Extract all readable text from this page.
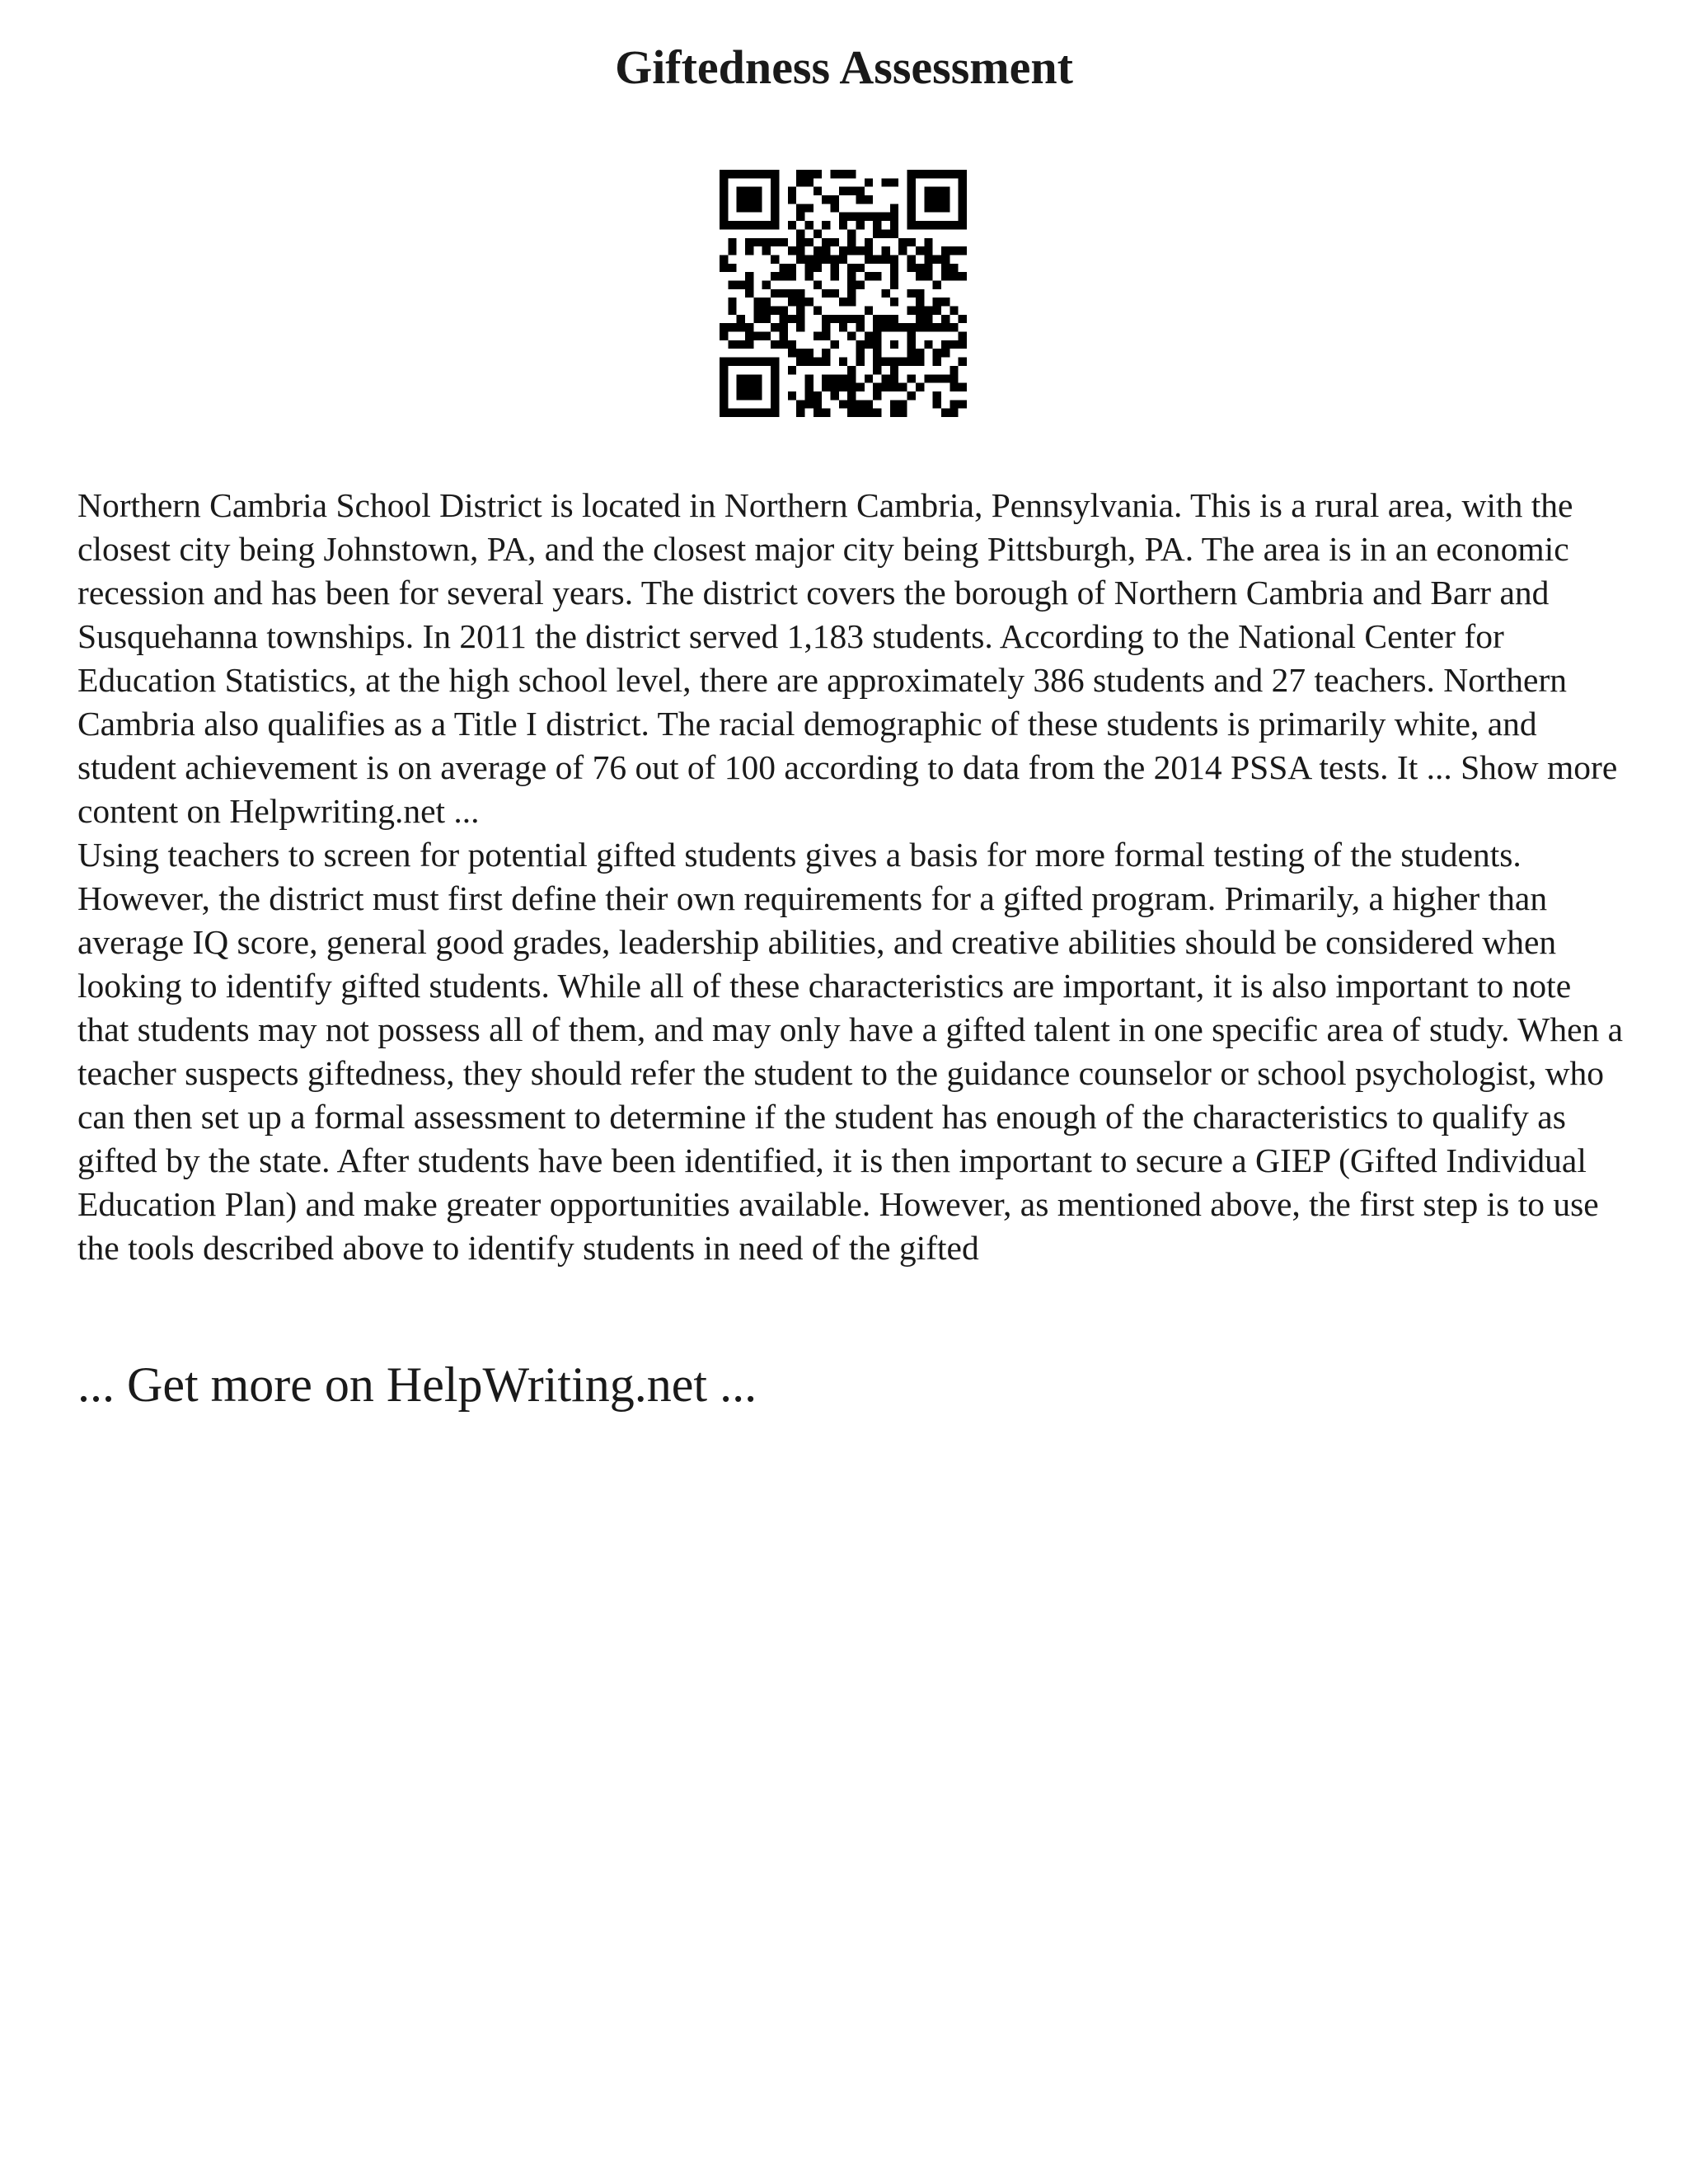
Giftedness Assessment

Northern Cambria School District is located in Northern Cambria, Pennsylvania. This is a rural area, with the closest city being Johnstown, PA, and the closest major city being Pittsburgh, PA. The area is in an economic recession and has been for several years. The district covers the borough of Northern Cambria and Barr and Susquehanna townships. In 2011 the district served 1,183 students. According to the National Center for Education Statistics, at the high school level, there are approximately 386 students and 27 teachers. Northern Cambria also qualifies as a Title I district. The racial demographic of these students is primarily white, and student achievement is on average of 76 out of 100 according to data from the 2014 PSSA tests. It ... Show more content on Helpwriting.net ...

Using teachers to screen for potential gifted students gives a basis for more formal testing of the students. However, the district must first define their own requirements for a gifted program. Primarily, a higher than average IQ score, general good grades, leadership abilities, and creative abilities should be considered when looking to identify gifted students. While all of these characteristics are important, it is also important to note that students may not possess all of them, and may only have a gifted talent in one specific area of study. When a teacher suspects giftedness, they should refer the student to the guidance counselor or school psychologist, who can then set up a formal assessment to determine if the student has enough of the characteristics to qualify as gifted by the state. After students have been identified, it is then important to secure a GIEP (Gifted Individual Education Plan) and make greater opportunities available. However, as mentioned above, the first step is to use the tools described above to identify students in need of the gifted

... Get more on HelpWriting.net ...
